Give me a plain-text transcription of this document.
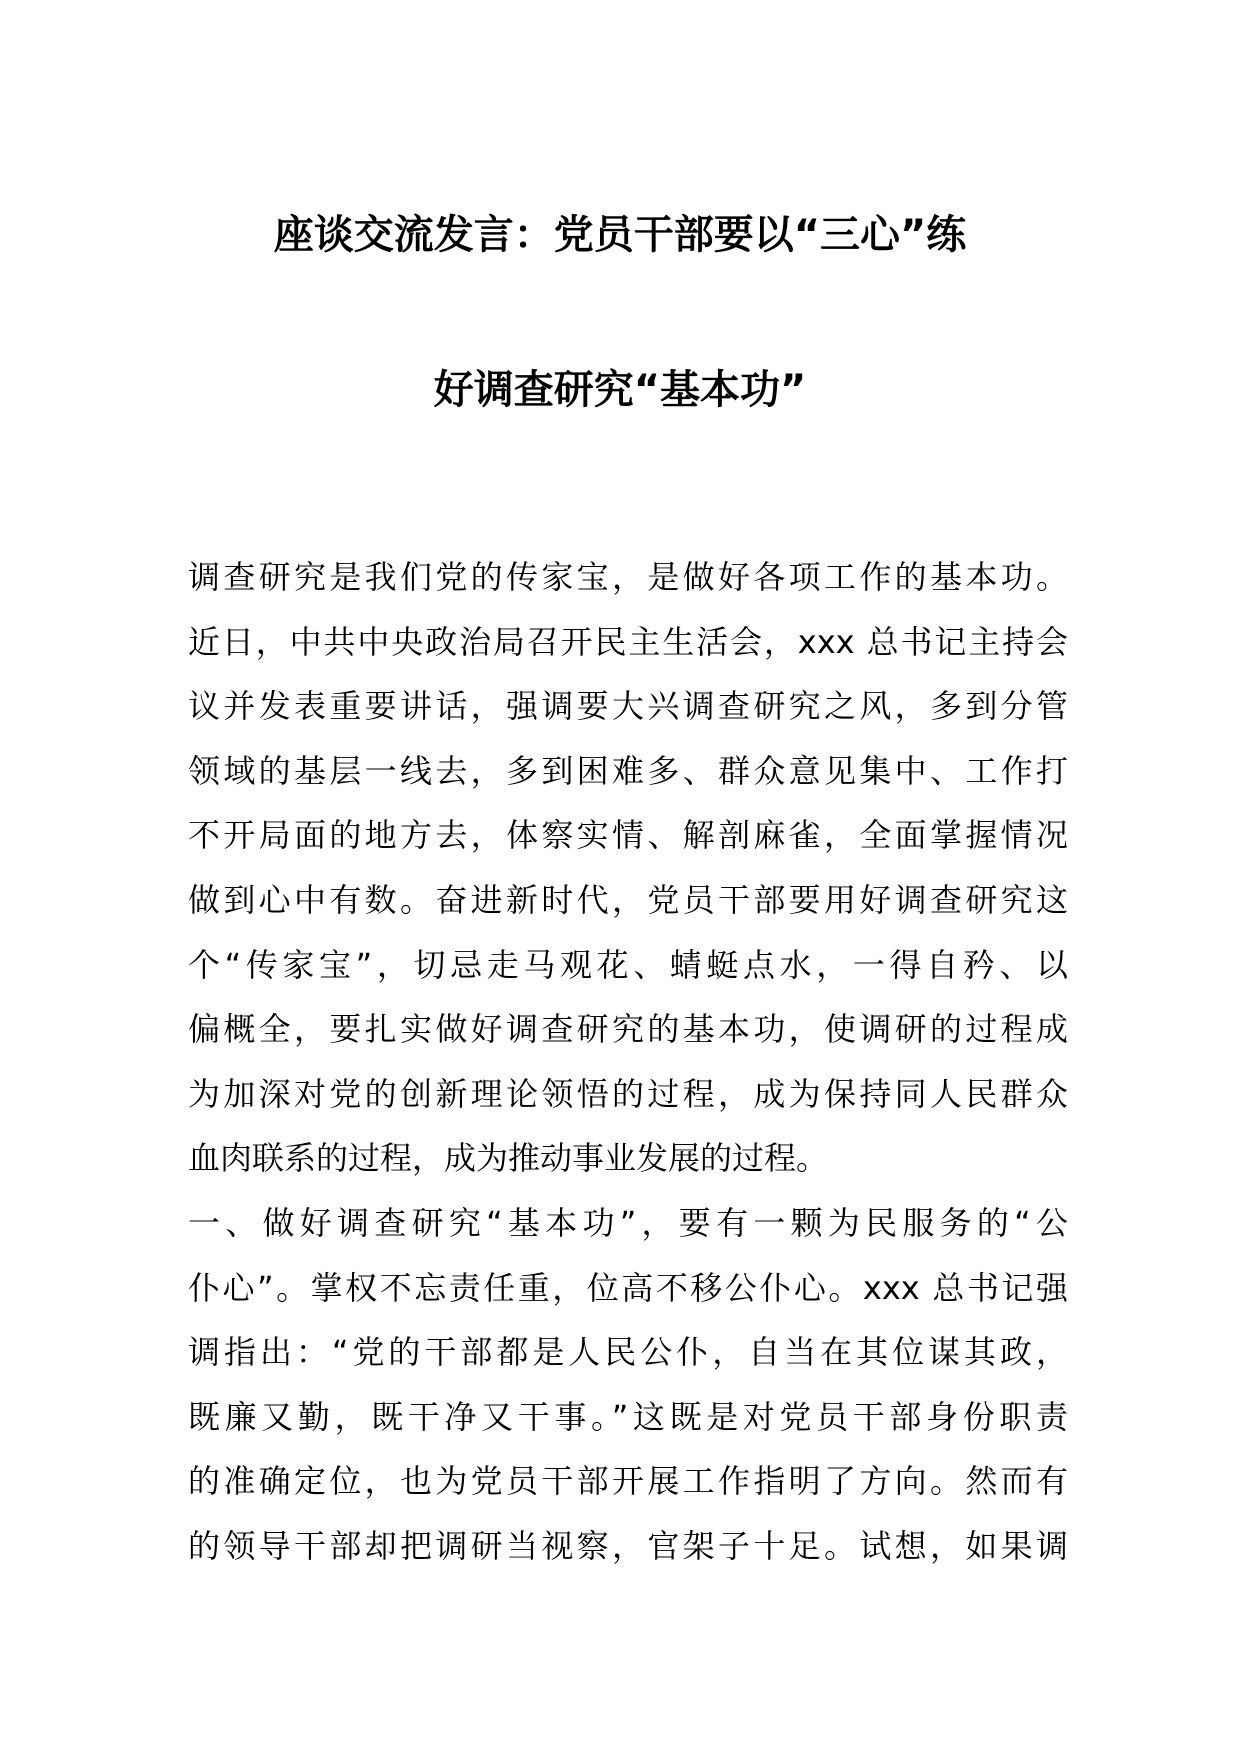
座谈交流发言：党员干部要以“三心”练
好调查研究“基本功”
调查研究是我们党的传家宝，是做好各项工作的基本功。
近日，中共中央政治局召开民主生活会，xxx 总书记主持会
议并发表重要讲话，强调要大兴调查研究之风，多到分管
领域的基层一线去，多到困难多、群众意见集中、工作打
不开局面的地方去，体察实情、解剖麻雀，全面掌握情况
做到心中有数。奋进新时代，党员干部要用好调查研究这
个“传家宝”，切忌走马观花、蜻蜓点水，一得自矜、以
偏概全，要扎实做好调查研究的基本功，使调研的过程成
为加深对党的创新理论领悟的过程，成为保持同人民群众
血肉联系的过程，成为推动事业发展的过程。
一、做好调查研究“基本功”，要有一颗为民服务的“公
仆心”。掌权不忘责任重，位高不移公仆心。xxx 总书记强
调指出：“党的干部都是人民公仆，自当在其位谋其政，
既廉又勤，既干净又干事。”这既是对党员干部身份职责
的准确定位，也为党员干部开展工作指明了方向。然而有
的领导干部却把调研当视察，官架子十足。试想，如果调
